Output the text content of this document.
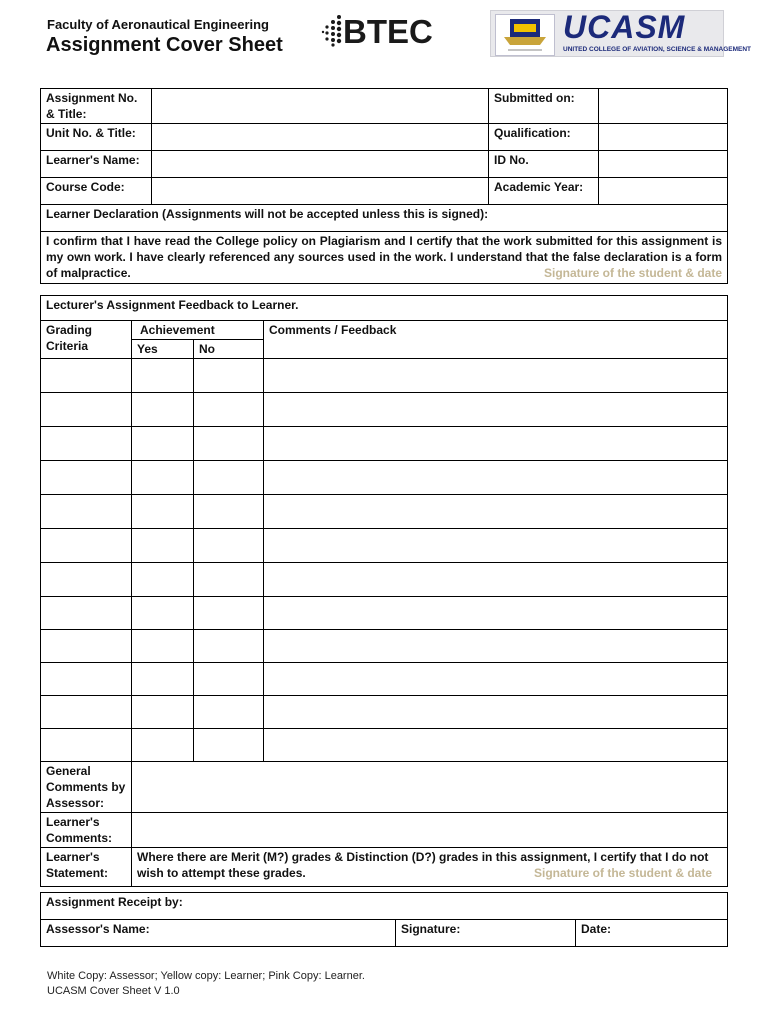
Faculty of Aeronautical Engineering
Assignment Cover Sheet BTEC	UCASM
UNITED COLLEGE OF AVIATION, SCIENCE & MANAGEMENT
Assignment No. & Title:		Submitted on:	
Unit No. & Title:		Qualification:	
Learner's Name:		ID No.	
Course Code:		Academic Year:	
Learner Declaration (Assignments will not be accepted unless this is signed):			
I confirm that I have read the College policy on Plagiarism and I certify that the work submitted for this assignment is my own work. I have clearly referenced any sources used in the work. I understand that the false declaration is a form of malpractice. Signature of the student & date			
Lecturer's Assignment Feedback to Learner.			
Grading Criteria	Achievement		Comments / Feedback
	Yes	No	

General Comments by Assessor:			
Learner's Comments:			
Learner's Statement:	Where there are Merit (M?) grades & Distinction (D?) grades in this assignment, I certify that I do not wish to attempt these grades. Signature of the student & date		
Assignment Receipt by:
Assessor's Name:	Signature:	Date:
White Copy: Assessor; Yellow copy: Learner; Pink Copy: Learner.
UCASM Cover Sheet V 1.0
